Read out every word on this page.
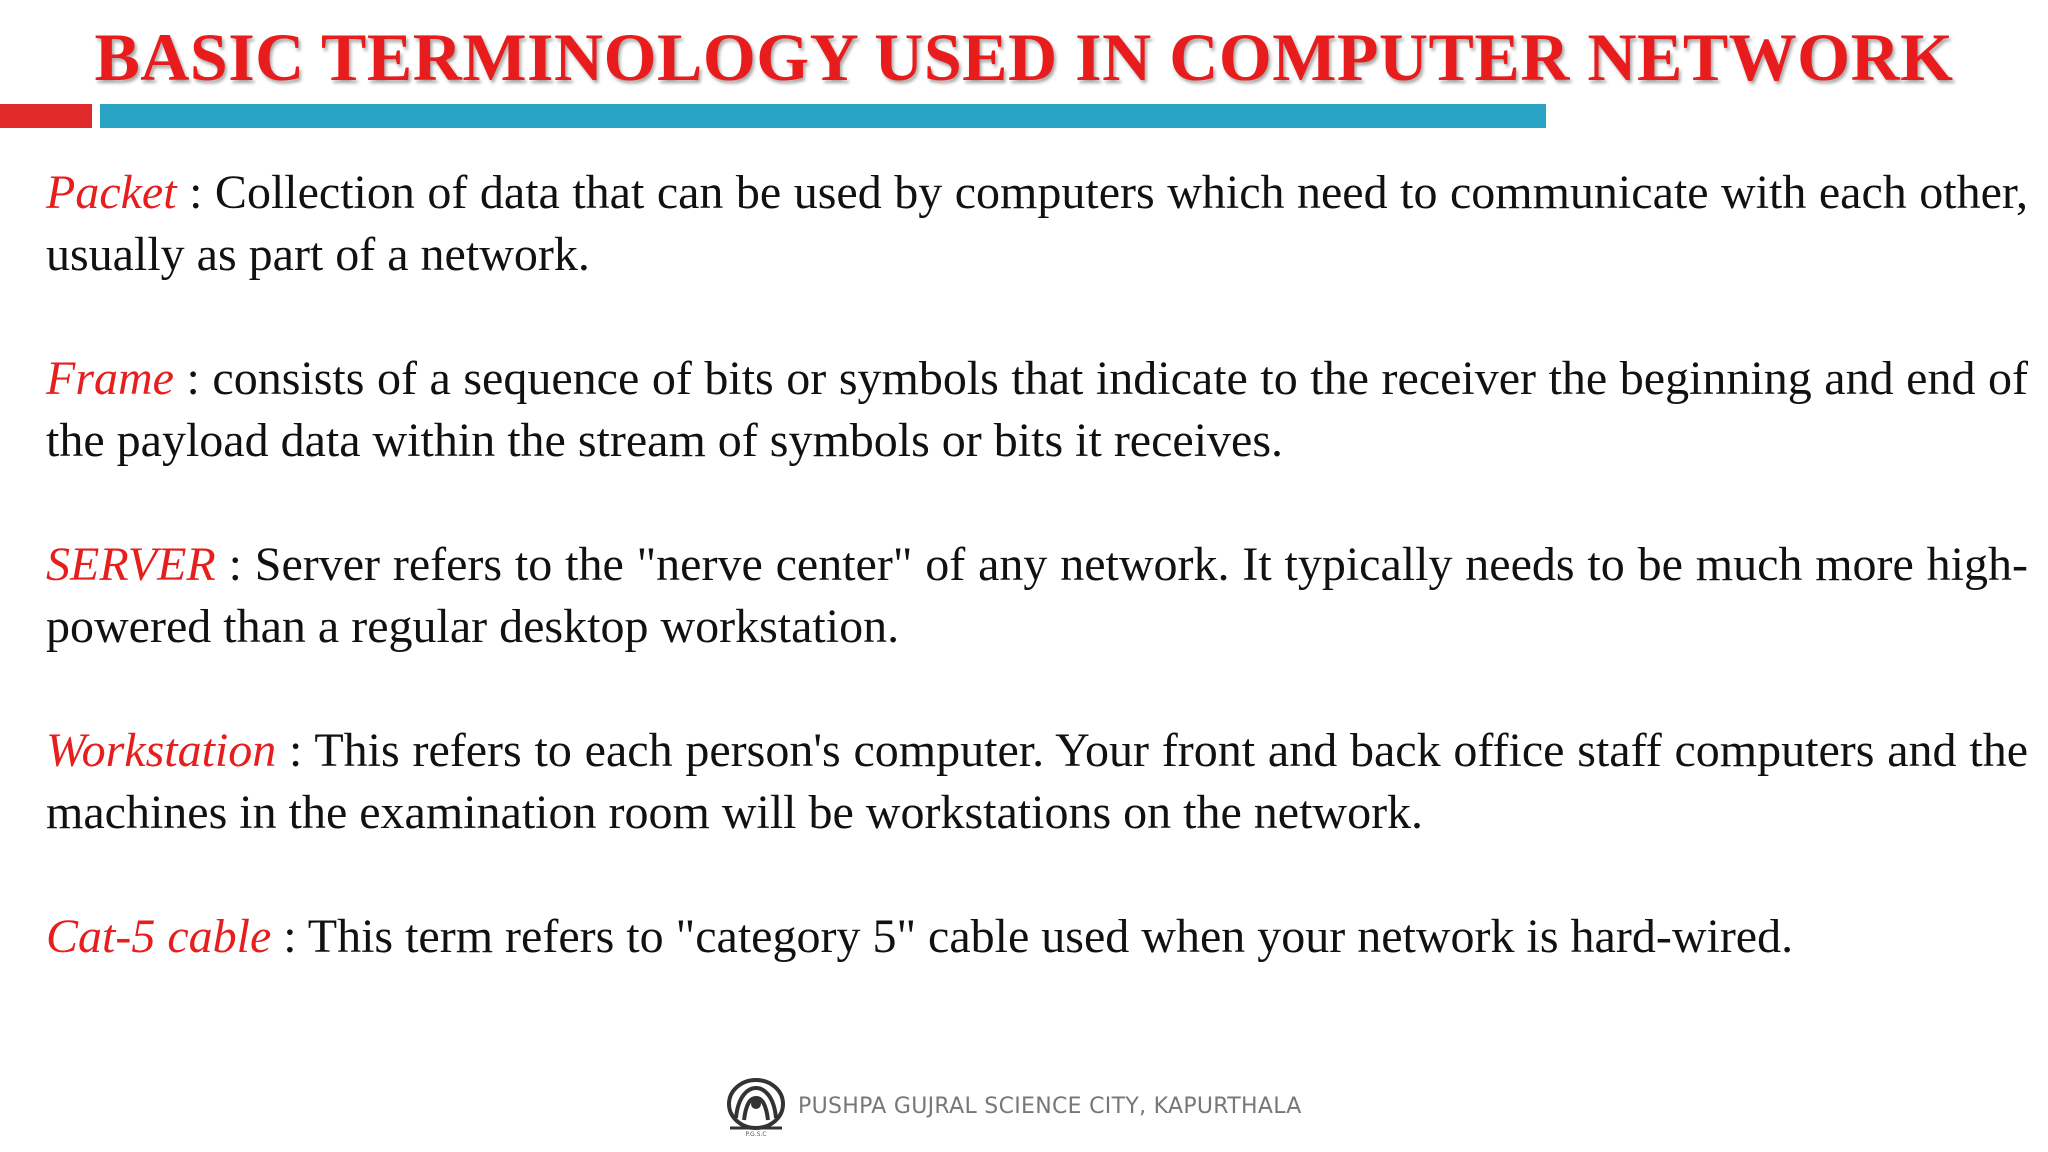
BASIC TERMINOLOGY USED IN COMPUTER NETWORK

Packet : Collection of data that can be used by computers which need to communicate with each other, usually as part of a network.

Frame : consists of a sequence of bits or symbols that indicate to the receiver the beginning and end of the payload data within the stream of symbols or bits it receives.

SERVER : Server refers to the "nerve center" of any network. It typically needs to be much more high-powered than a regular desktop workstation.

Workstation : This refers to each person's computer. Your front and back office staff computers and the machines in the examination room will be workstations on the network.

Cat-5 cable : This term refers to "category 5" cable used when your network is hard-wired.

P.G.S.C
PUSHPA GUJRAL SCIENCE CITY, KAPURTHALA
